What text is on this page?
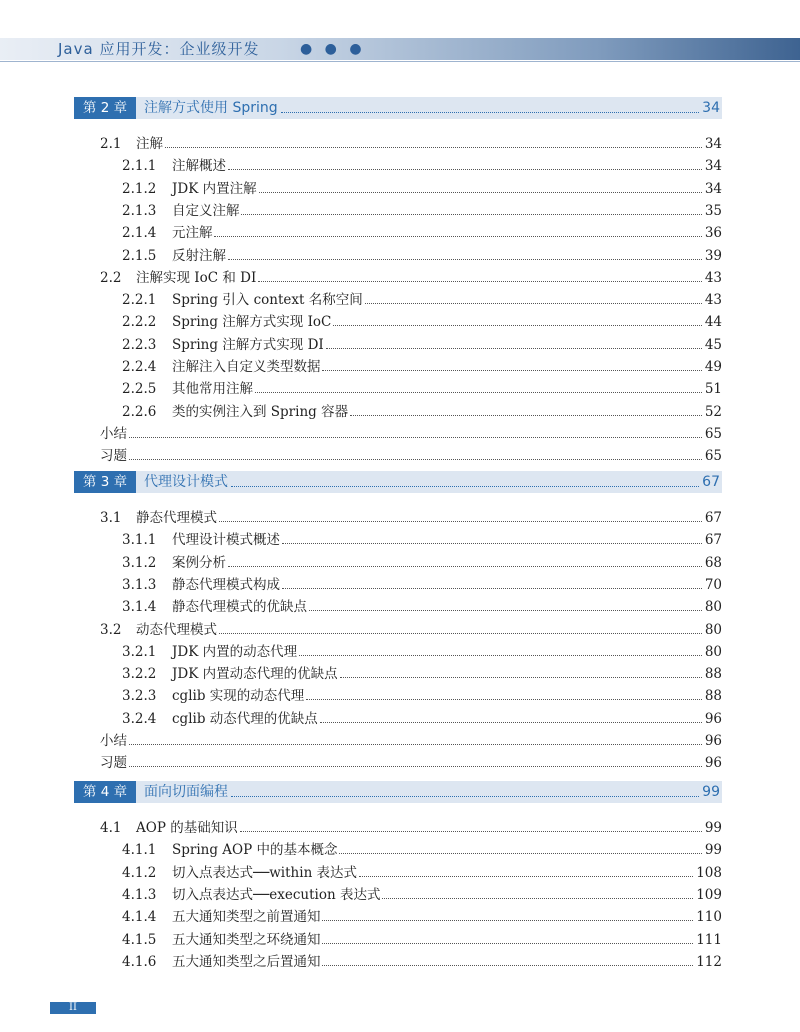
Java 应用开发：企业级开发	● ● ●
第 2 章	注解方式使用 Spring	34
2.1 注解	34
2.1.1 注解概述	34
2.1.2 JDK 内置注解	34
2.1.3 自定义注解	35
2.1.4 元注解	36
2.1.5 反射注解	39
2.2 注解实现 IoC 和 DI	43
2.2.1 Spring 引入 context 名称空间	43
2.2.2 Spring 注解方式实现 IoC	44
2.2.3 Spring 注解方式实现 DI	45
2.2.4 注解注入自定义类型数据	49
2.2.5 其他常用注解	51
2.2.6 类的实例注入到 Spring 容器	52
小结	65
习题	65
第 3 章	代理设计模式	67
3.1 静态代理模式	67
3.1.1 代理设计模式概述	67
3.1.2 案例分析	68
3.1.3 静态代理模式构成	70
3.1.4 静态代理模式的优缺点	80
3.2 动态代理模式	80
3.2.1 JDK 内置的动态代理	80
3.2.2 JDK 内置动态代理的优缺点	88
3.2.3 cglib 实现的动态代理	88
3.2.4 cglib 动态代理的优缺点	96
小结	96
习题	96
第 4 章	面向切面编程	99
4.1 AOP 的基础知识	99
4.1.1 Spring AOP 中的基本概念	99
4.1.2 切入点表达式──within 表达式	108
4.1.3 切入点表达式──execution 表达式	109
4.1.4 五大通知类型之前置通知	110
4.1.5 五大通知类型之环绕通知	111
4.1.6 五大通知类型之后置通知	112
II
